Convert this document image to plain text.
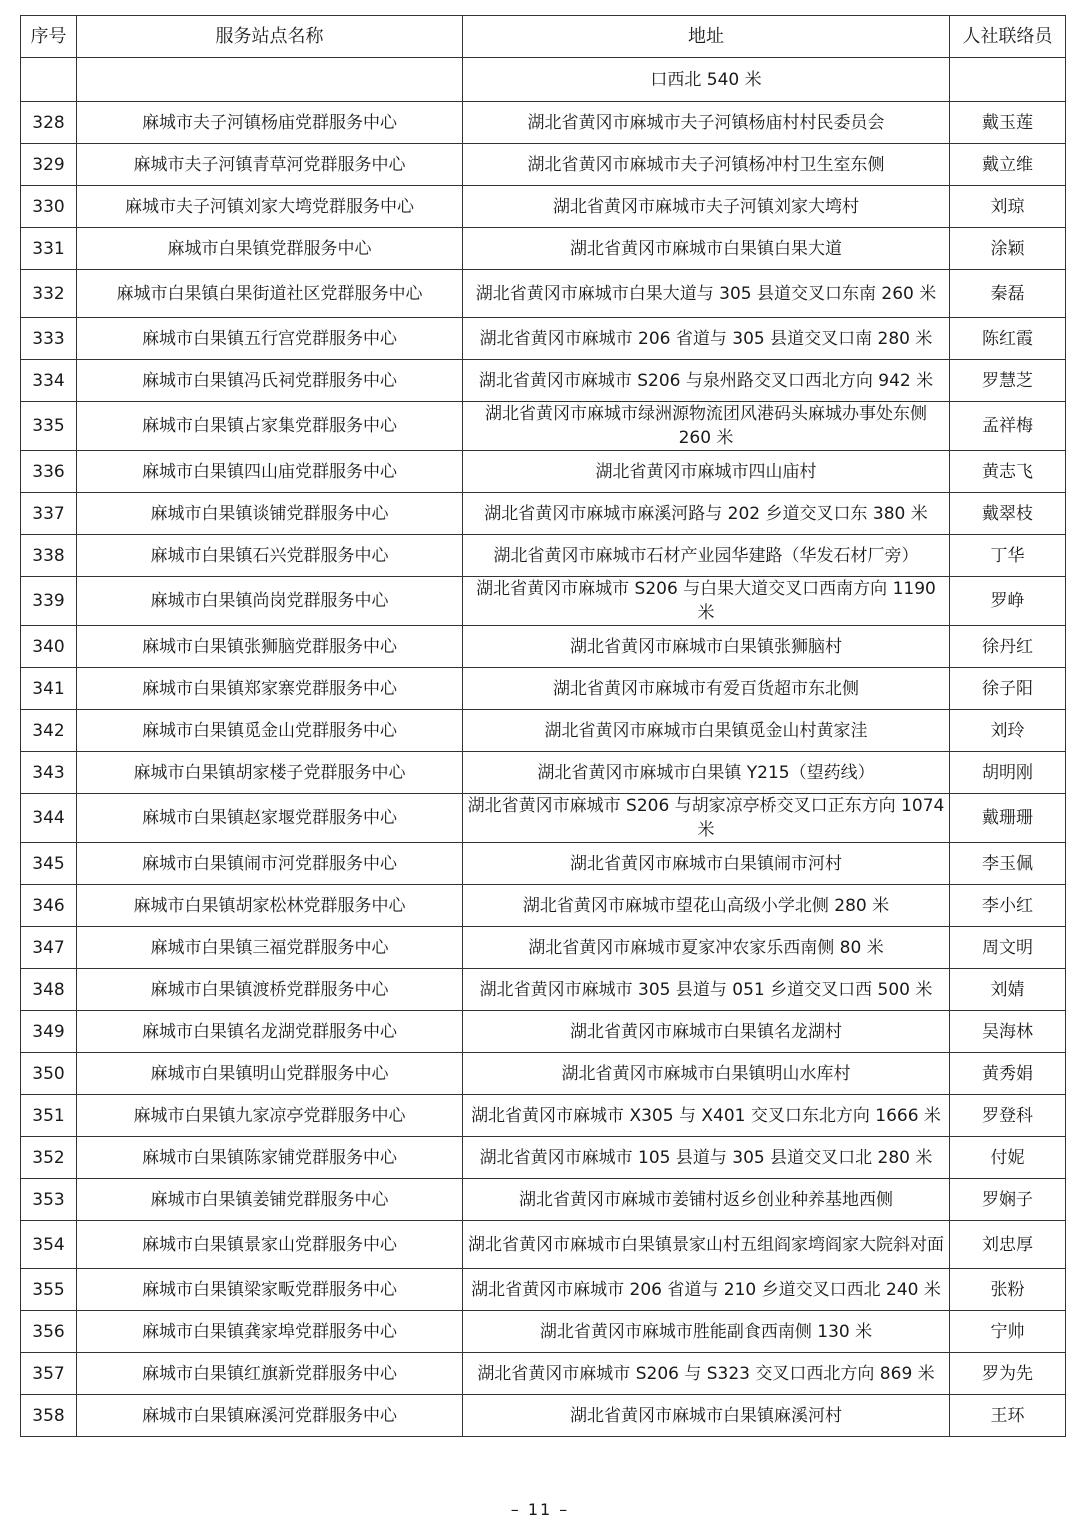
序号	服务站点名称	地址	人社联络员
		口西北 540 米	
328	麻城市夫子河镇杨庙党群服务中心	湖北省黄冈市麻城市夫子河镇杨庙村村民委员会	戴玉莲
329	麻城市夫子河镇青草河党群服务中心	湖北省黄冈市麻城市夫子河镇杨冲村卫生室东侧	戴立维
330	麻城市夫子河镇刘家大塆党群服务中心	湖北省黄冈市麻城市夫子河镇刘家大塆村	刘琼
331	麻城市白果镇党群服务中心	湖北省黄冈市麻城市白果镇白果大道	涂颖
332	麻城市白果镇白果街道社区党群服务中心	湖北省黄冈市麻城市白果大道与 305 县道交叉口东南 260 米	秦磊
333	麻城市白果镇五行宫党群服务中心	湖北省黄冈市麻城市 206 省道与 305 县道交叉口南 280 米	陈红霞
334	麻城市白果镇冯氏祠党群服务中心	湖北省黄冈市麻城市 S206 与泉州路交叉口西北方向 942 米	罗慧芝
335	麻城市白果镇占家集党群服务中心	湖北省黄冈市麻城市绿洲源物流团风港码头麻城办事处东侧 260 米	孟祥梅
336	麻城市白果镇四山庙党群服务中心	湖北省黄冈市麻城市四山庙村	黄志飞
337	麻城市白果镇谈铺党群服务中心	湖北省黄冈市麻城市麻溪河路与 202 乡道交叉口东 380 米	戴翠枝
338	麻城市白果镇石兴党群服务中心	湖北省黄冈市麻城市石材产业园华建路（华发石材厂旁）	丁华
339	麻城市白果镇尚岗党群服务中心	湖北省黄冈市麻城市 S206 与白果大道交叉口西南方向 1190 米	罗峥
340	麻城市白果镇张狮脑党群服务中心	湖北省黄冈市麻城市白果镇张狮脑村	徐丹红
341	麻城市白果镇郑家寨党群服务中心	湖北省黄冈市麻城市有爱百货超市东北侧	徐子阳
342	麻城市白果镇觅金山党群服务中心	湖北省黄冈市麻城市白果镇觅金山村黄家洼	刘玲
343	麻城市白果镇胡家楼子党群服务中心	湖北省黄冈市麻城市白果镇 Y215（望药线）	胡明刚
344	麻城市白果镇赵家堰党群服务中心	湖北省黄冈市麻城市 S206 与胡家凉亭桥交叉口正东方向 1074 米	戴珊珊
345	麻城市白果镇闹市河党群服务中心	湖北省黄冈市麻城市白果镇闹市河村	李玉佩
346	麻城市白果镇胡家松林党群服务中心	湖北省黄冈市麻城市望花山高级小学北侧 280 米	李小红
347	麻城市白果镇三福党群服务中心	湖北省黄冈市麻城市夏家冲农家乐西南侧 80 米	周文明
348	麻城市白果镇渡桥党群服务中心	湖北省黄冈市麻城市 305 县道与 051 乡道交叉口西 500 米	刘婧
349	麻城市白果镇名龙湖党群服务中心	湖北省黄冈市麻城市白果镇名龙湖村	吴海林
350	麻城市白果镇明山党群服务中心	湖北省黄冈市麻城市白果镇明山水库村	黄秀娟
351	麻城市白果镇九家凉亭党群服务中心	湖北省黄冈市麻城市 X305 与 X401 交叉口东北方向 1666 米	罗登科
352	麻城市白果镇陈家铺党群服务中心	湖北省黄冈市麻城市 105 县道与 305 县道交叉口北 280 米	付妮
353	麻城市白果镇姜铺党群服务中心	湖北省黄冈市麻城市姜铺村返乡创业种养基地西侧	罗娴子
354	麻城市白果镇景家山党群服务中心	湖北省黄冈市麻城市白果镇景家山村五组阎家塆阎家大院斜对面	刘忠厚
355	麻城市白果镇梁家畈党群服务中心	湖北省黄冈市麻城市 206 省道与 210 乡道交叉口西北 240 米	张粉
356	麻城市白果镇龚家埠党群服务中心	湖北省黄冈市麻城市胜能副食西南侧 130 米	宁帅
357	麻城市白果镇红旗新党群服务中心	湖北省黄冈市麻城市 S206 与 S323 交叉口西北方向 869 米	罗为先
358	麻城市白果镇麻溪河党群服务中心	湖北省黄冈市麻城市白果镇麻溪河村	王环
– 11 –
